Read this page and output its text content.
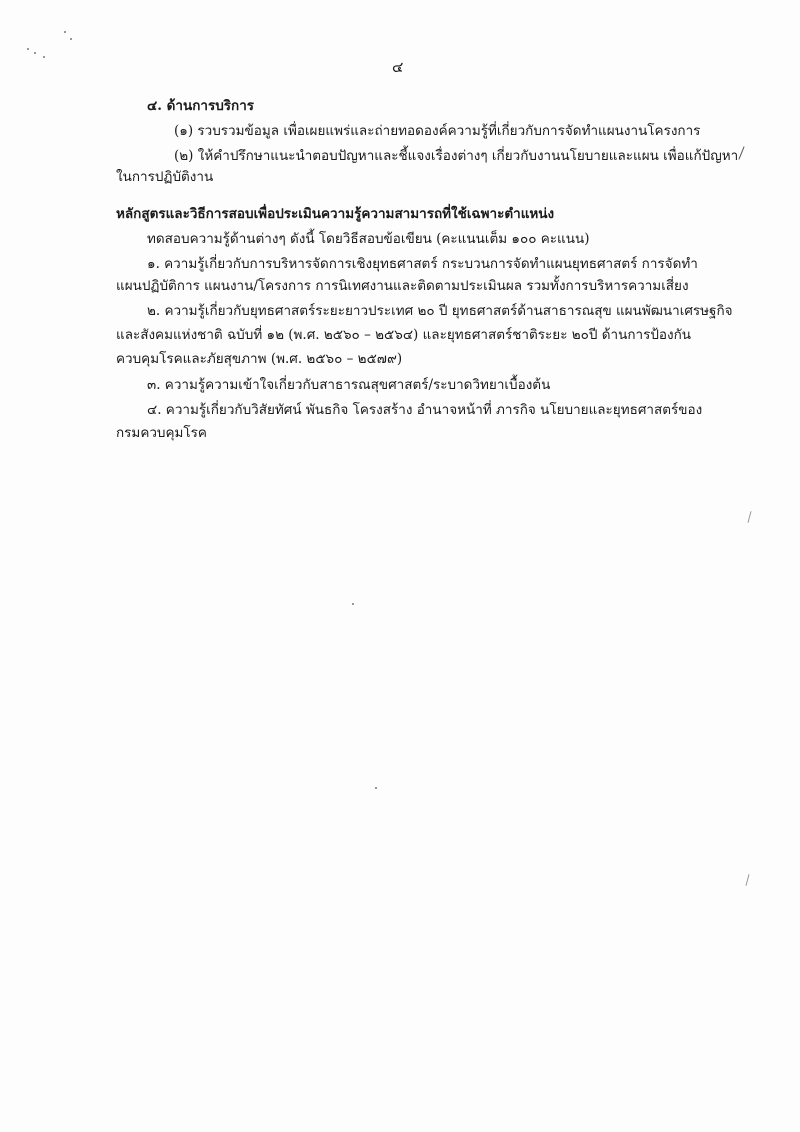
๔
๔. ด้านการบริการ
(๑) รวบรวมข้อมูล เพื่อเผยแพร่และถ่ายทอดองค์ความรู้ที่เกี่ยวกับการจัดทำแผนงานโครงการ
(๒) ให้คำปรึกษาแนะนำตอบปัญหาและชี้แจงเรื่องต่างๆ เกี่ยวกับงานนโยบายและแผน เพื่อแก้ปัญหา
ในการปฏิบัติงาน
หลักสูตรและวิธีการสอบเพื่อประเมินความรู้ความสามารถที่ใช้เฉพาะตำแหน่ง
ทดสอบความรู้ด้านต่างๆ ดังนี้ โดยวิธีสอบข้อเขียน (คะแนนเต็ม ๑๐๐ คะแนน)
๑. ความรู้เกี่ยวกับการบริหารจัดการเชิงยุทธศาสตร์ กระบวนการจัดทำแผนยุทธศาสตร์ การจัดทำ
แผนปฏิบัติการ แผนงาน/โครงการ การนิเทศงานและติดตามประเมินผล รวมทั้งการบริหารความเสี่ยง
๒. ความรู้เกี่ยวกับยุทธศาสตร์ระยะยาวประเทศ ๒๐ ปี ยุทธศาสตร์ด้านสาธารณสุข แผนพัฒนาเศรษฐกิจ
และสังคมแห่งชาติ ฉบับที่ ๑๒ (พ.ศ. ๒๕๖๐ – ๒๕๖๔) และยุทธศาสตร์ชาติระยะ ๒๐ปี ด้านการป้องกัน
ควบคุมโรคและภัยสุขภาพ (พ.ศ. ๒๕๖๐ – ๒๕๗๙)
๓. ความรู้ความเข้าใจเกี่ยวกับสาธารณสุขศาสตร์/ระบาดวิทยาเบื้องต้น
๔. ความรู้เกี่ยวกับวิสัยทัศน์ พันธกิจ โครงสร้าง อำนาจหน้าที่ ภารกิจ นโยบายและยุทธศาสตร์ของ
กรมควบคุมโรค
